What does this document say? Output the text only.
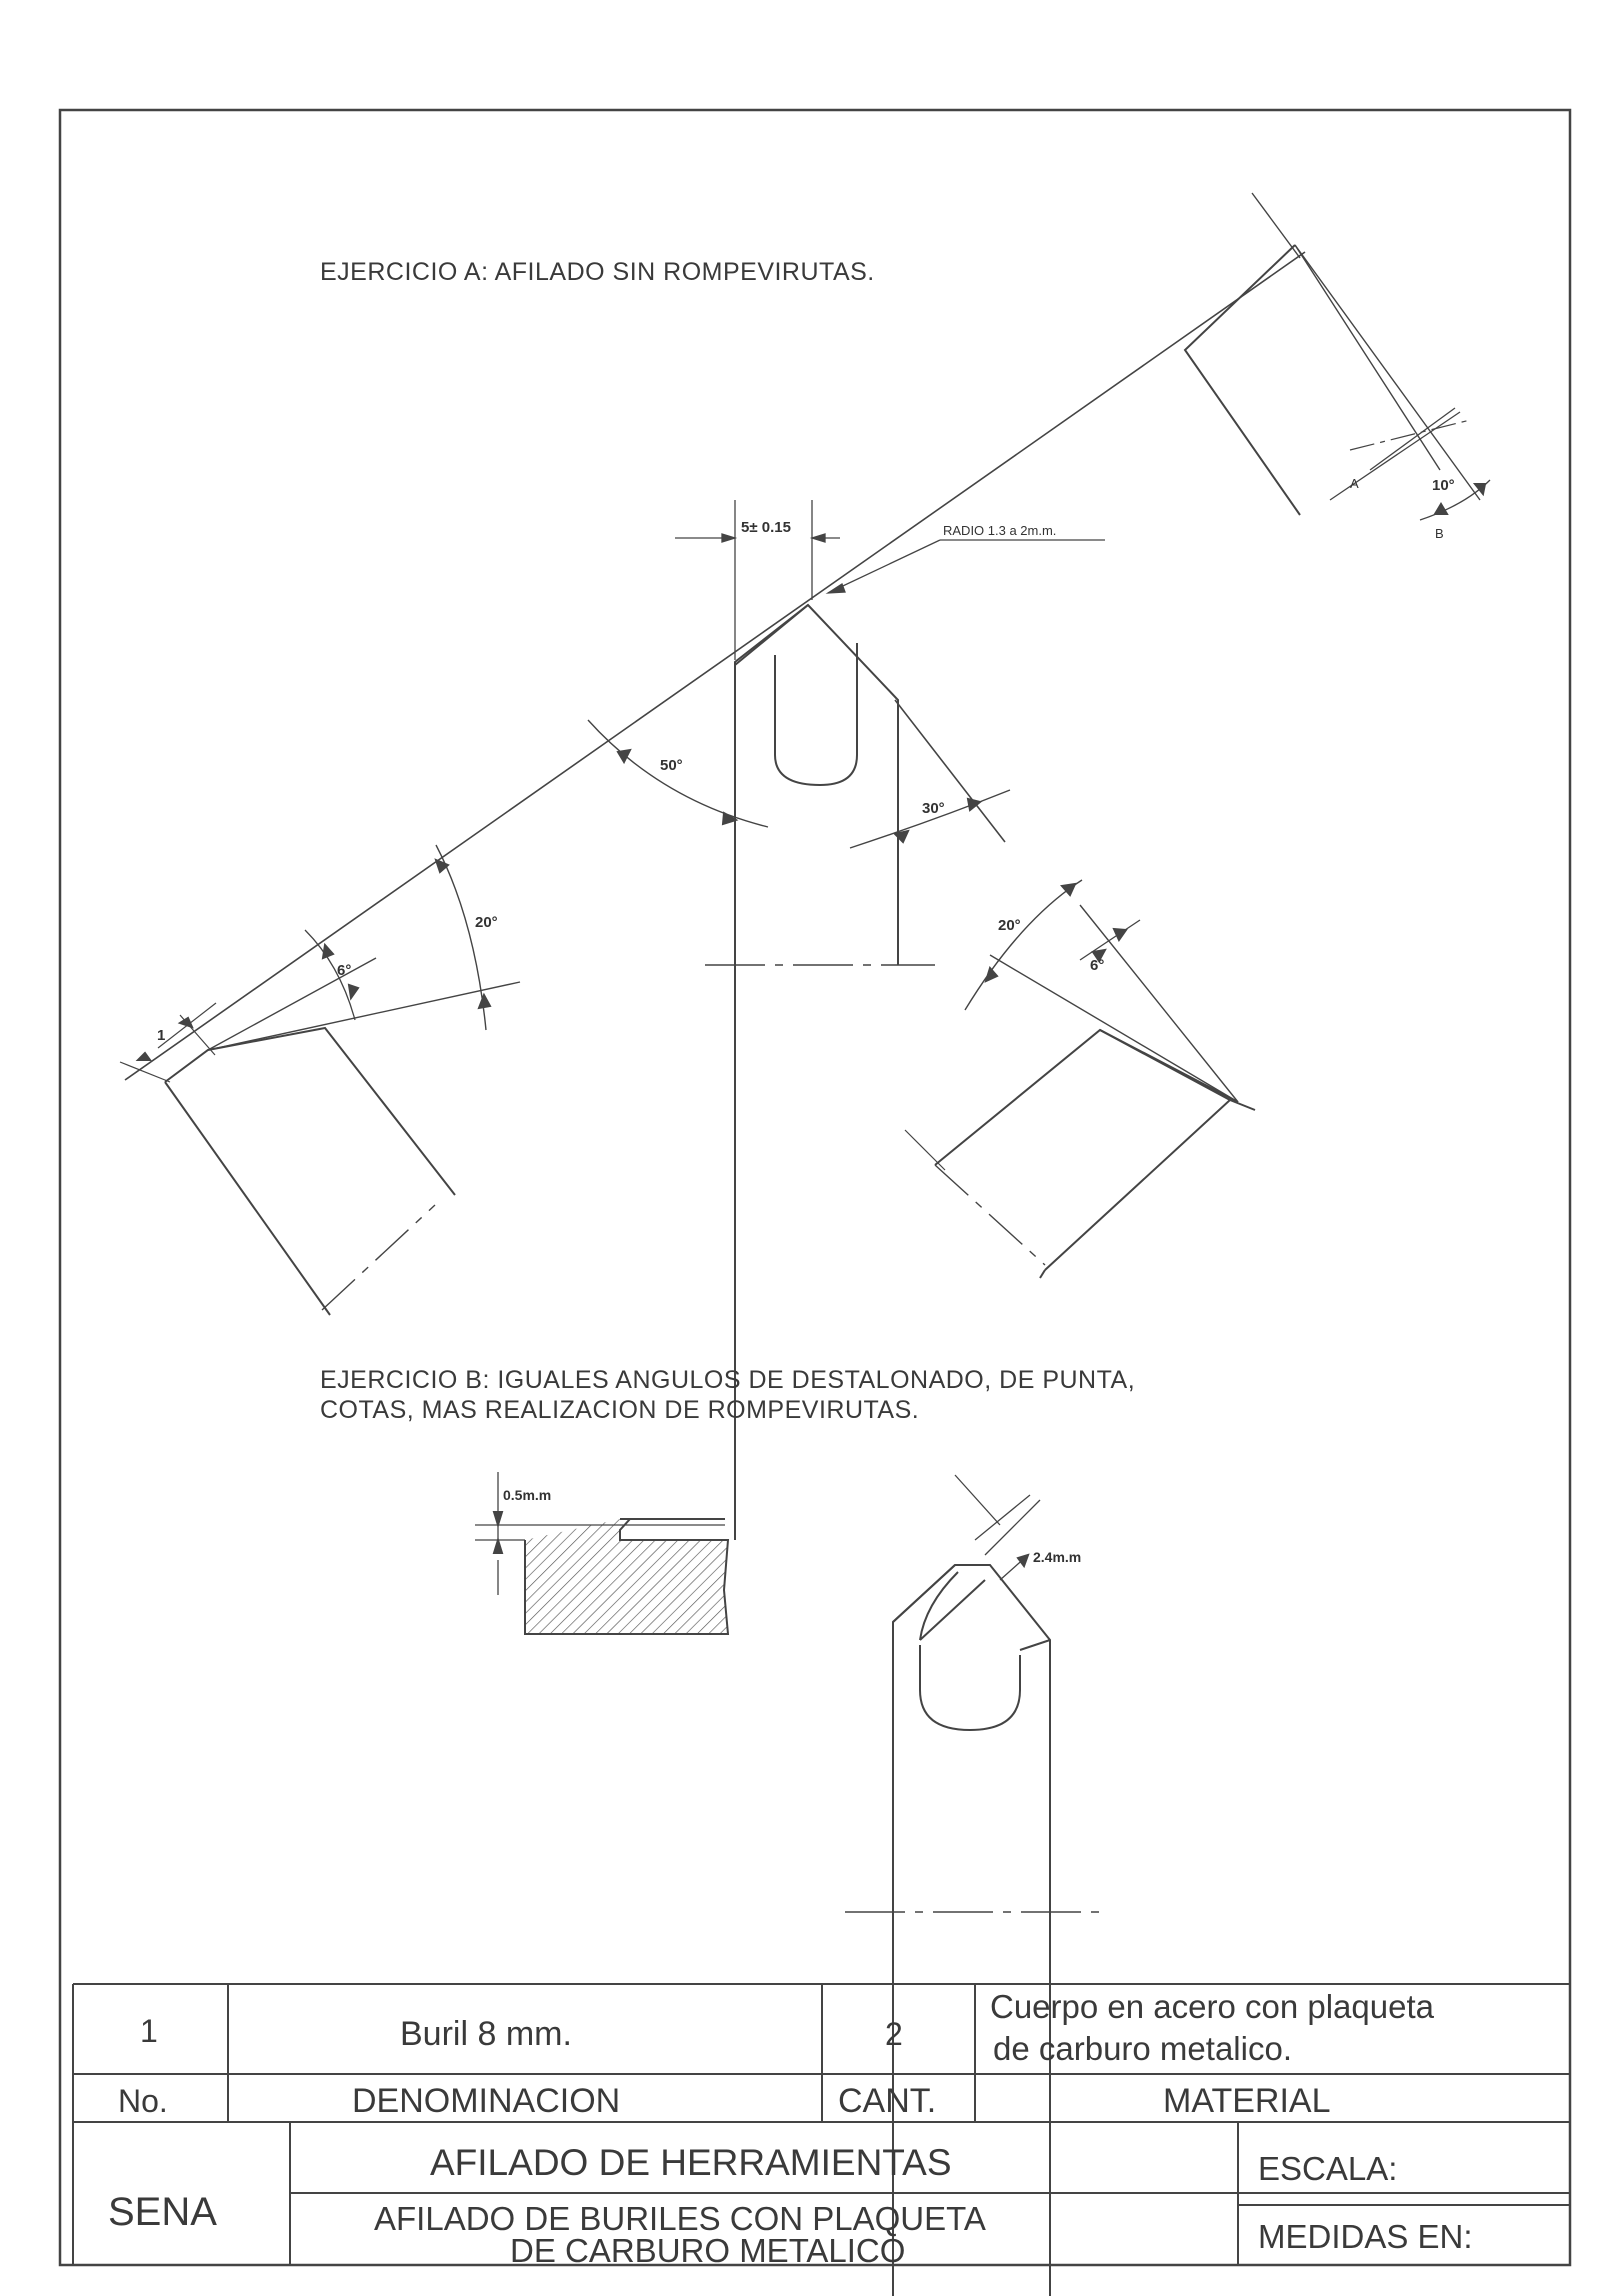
EJERCICIO A: AFILADO SIN ROMPEVIRUTAS.
5± 0.15	RADIO 1.3 a 2m.m.
50°
30°
20°
6°
1
20°
6°
10°
A
B
EJERCICIO B: IGUALES ANGULOS DE DESTALONADO, DE PUNTA,
COTAS, MAS REALIZACION DE ROMPEVIRUTAS.
0.5m.m
2.4m.m
1	Buril 8 mm.	2
Cuerpo en acero con plaqueta
de carburo metalico.
No.	DENOMINACION	CANT.	MATERIAL
SENA
AFILADO DE HERRAMIENTAS
AFILADO DE BURILES CON PLAQUETA
DE CARBURO METALICO
ESCALA:
MEDIDAS EN:
